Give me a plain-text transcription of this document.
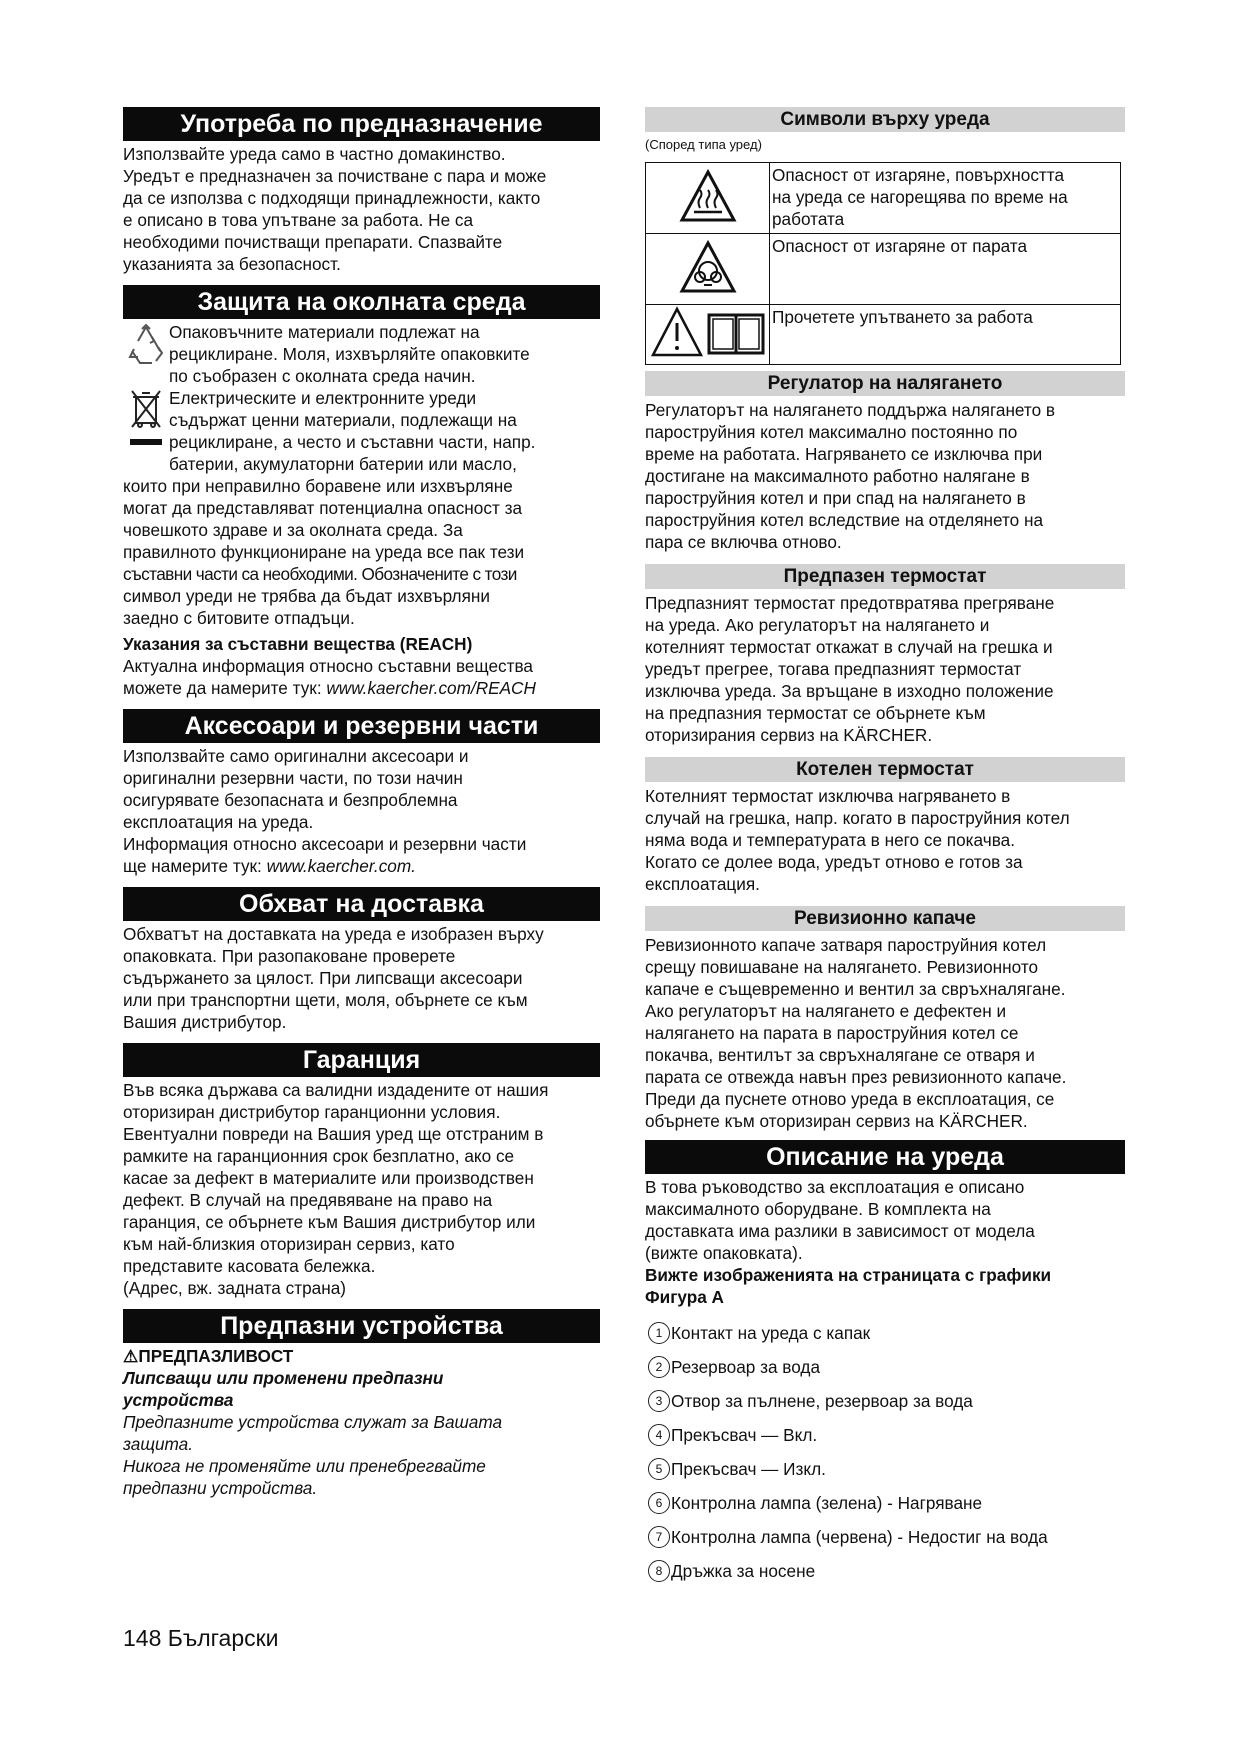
Употреба по предназначение

Използвайте уреда само в частно домакинство.

Уредът е предназначен за почистване с пара и може

да се използва с подходящи принадлежности, както

е описано в това упътване за работа. Не са

необходими почистващи препарати. Спазвайте

указанията за безопасност.

Защита на околната среда

Опаковъчните материали подлежат на

рециклиране. Моля, изхвърляйте опаковките

по съобразен с околната среда начин.

Електрическите и електронните уреди

съдържат ценни материали, подлежащи на

рециклиране, а често и съставни части, напр.

батерии, акумулаторни батерии или масло,

които при неправилно боравене или изхвърляне

могат да представляват потенциална опасност за

човешкото здраве и за околната среда. За

правилното функциониране на уреда все пак тези

съставни части са необходими. Обозначените с този

символ уреди не трябва да бъдат изхвърляни

заедно с битовите отпадъци.

Указания за съставни вещества (REACH)

Актуална информация относно съставни вещества

можете да намерите тук: www.kaercher.com/REACH

Аксесоари и резервни части

Използвайте само оригинални аксесоари и

оригинални резервни части, по този начин

осигурявате безопасната и безпроблемна

експлоатация на уреда.

Информация относно аксесоари и резервни части

ще намерите тук: www.kaercher.com.

Обхват на доставка

Обхватът на доставката на уреда е изобразен върху

опаковката. При разопаковане проверете

съдържането за цялост. При липсващи аксесоари

или при транспортни щети, моля, обърнете се към

Вашия дистрибутор.

Гаранция

Във всяка държава са валидни издадените от нашия

оторизиран дистрибутор гаранционни условия.

Евентуални повреди на Вашия уред ще отстраним в

рамките на гаранционния срок безплатно, ако се

касае за дефект в материалите или производствен

дефект. В случай на предявяване на право на

гаранция, се обърнете към Вашия дистрибутор или

към най-близкия оторизиран сервиз, като

представите касовата бележка.

(Адрес, вж. задната страна)

Предпазни устройства

⚠ПРЕДПАЗЛИВОСТ

Липсващи или променени предпазни

устройства

Предпазните устройства служат за Вашата

защита.

Никога не променяйте или пренебрегвайте

предпазни устройства.

Символи върху уреда

(Според типа уред)

Опасност от изгаряне, повърхността
на уреда се нагорещява по време на
работата

Опасност от изгаряне от парата

Прочетете упътването за работа
Регулатор на налягането

Регулаторът на налягането поддържа налягането в

пароструйния котел максимално постоянно по

време на работата. Нагряването се изключва при

достигане на максималното работно налягане в

пароструйния котел и при спад на налягането в

пароструйния котел вследствие на отделянето на

пара се включва отново.

Предпазен термостат

Предпазният термостат предотвратява прегряване

на уреда. Ако регулаторът на налягането и

котелният термостат откажат в случай на грешка и

уредът прегрее, тогава предпазният термостат

изключва уреда. За връщане в изходно положение

на предпазния термостат се обърнете към

оторизирания сервиз на KÄRCHER.

Котелен термостат

Котелният термостат изключва нагряването в

случай на грешка, напр. когато в пароструйния котел

няма вода и температурата в него се покачва.

Когато се долее вода, уредът отново е готов за

експлоатация.

Ревизионно капаче

Ревизионното капаче затваря пароструйния котел

срещу повишаване на налягането. Ревизионното

капаче е същевременно и вентил за свръхналягане.

Ако регулаторът на налягането е дефектен и

налягането на парата в пароструйния котел се

покачва, вентилът за свръхналягане се отваря и

парата се отвежда навън през ревизионното капаче.

Преди да пуснете отново уреда в експлоатация, се

обърнете към оторизиран сервиз на KÄRCHER.

Описание на уреда

В това ръководство за експлоатация е описано

максималното оборудване. В комплекта на

доставката има разлики в зависимост от модела

(вижте опаковката).

Вижте изображенията на страницата с графики

Фигура А

1 Контакт на уреда с капак
2 Резервоар за вода
3 Отвор за пълнене, резервоар за вода
4 Прекъсвач — Вкл.
5 Прекъсвач — Изкл.
6 Контролна лампа (зелена) - Нагряване
7 Контролна лампа (червена) - Недостиг на вода
8 Дръжка за носене
148 Български
